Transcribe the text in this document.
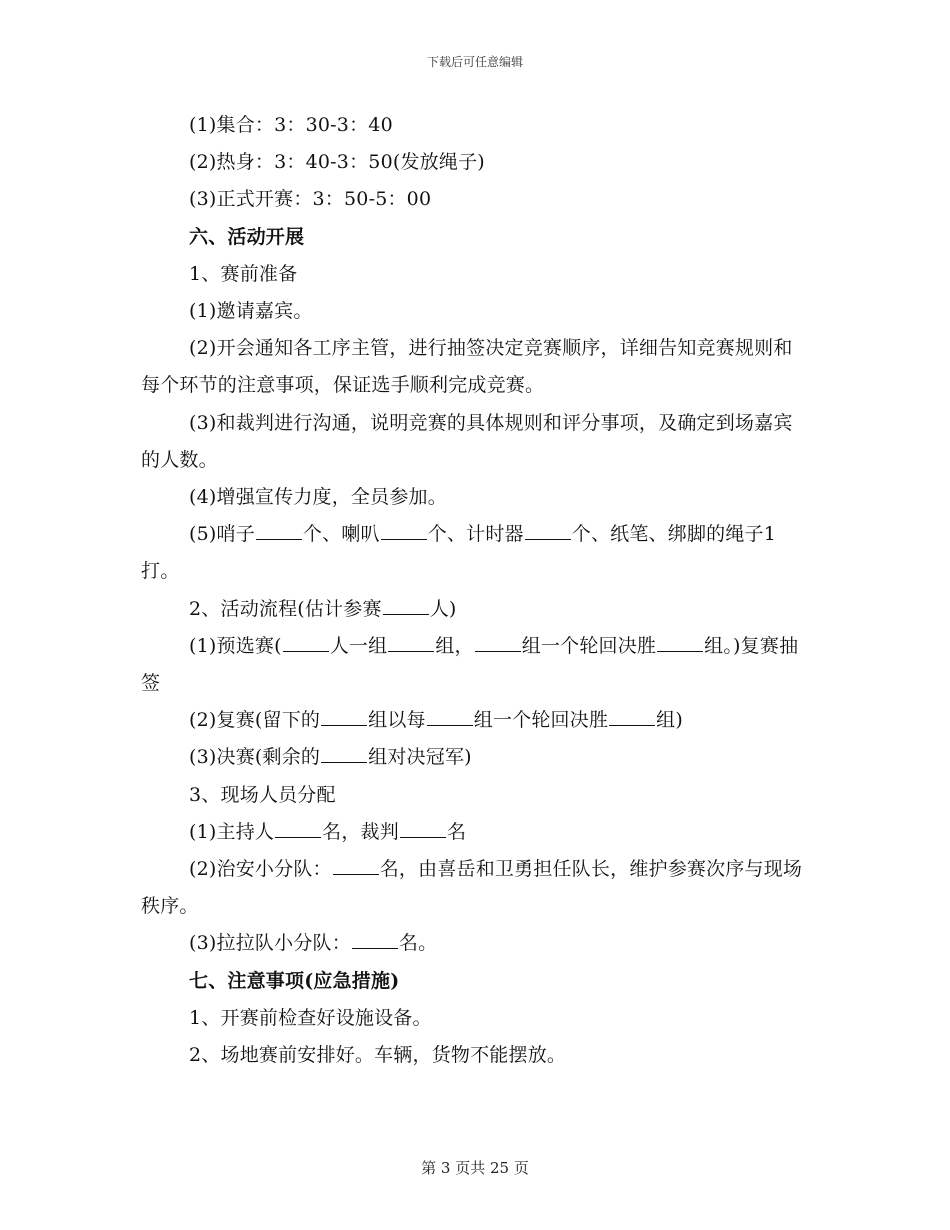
下载后可任意编辑

(1)集合：3：30-3：40

(2)热身：3：40-3：50(发放绳子)

(3)正式开赛：3：50-5：00

六、活动开展

1、赛前准备

(1)邀请嘉宾。

(2)开会通知各工序主管，进行抽签决定竞赛顺序，详细告知竞赛规则和每个环节的注意事项，保证选手顺利完成竞赛。

(3)和裁判进行沟通，说明竞赛的具体规则和评分事项，及确定到场嘉宾的人数。

(4)增强宣传力度，全员参加。

(5)哨子	个、喇叭	个、计时器	个、纸笔、绑脚的绳子1打。

2、活动流程(估计参赛	人)

(1)预选赛(	人一组	组，	组一个轮回决胜	组。)复赛抽签

(2)复赛(留下的	组以每	组一个轮回决胜	组)

(3)决赛(剩余的	组对决冠军)

3、现场人员分配

(1)主持人	名，裁判	名

(2)治安小分队：	名，由喜岳和卫勇担任队长，维护参赛次序与现场秩序。

(3)拉拉队小分队：	名。

七、注意事项(应急措施)

1、开赛前检查好设施设备。

2、场地赛前安排好。车辆，货物不能摆放。

第 3 页共 25 页
